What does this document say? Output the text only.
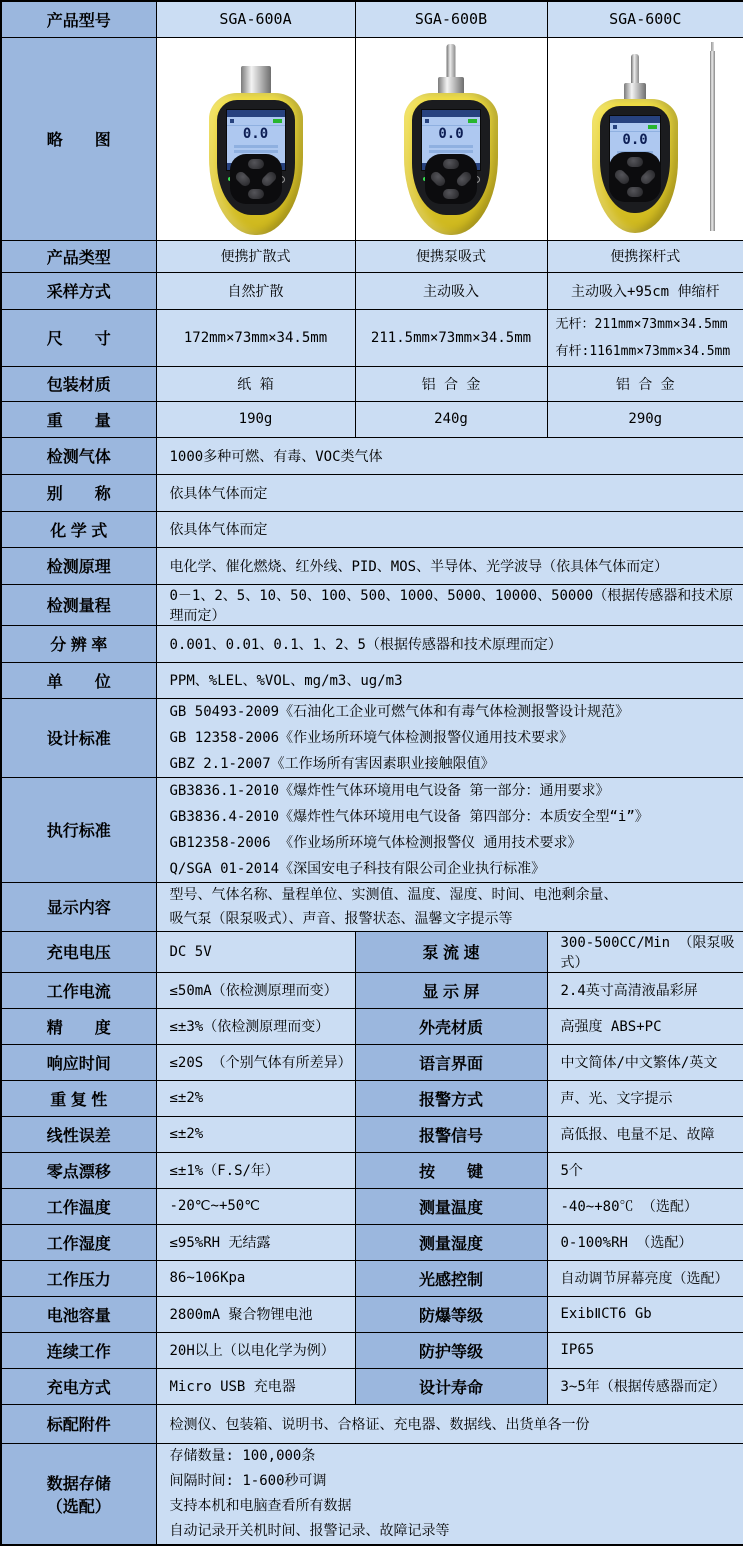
产品型号	SGA-600A	SGA-600B	SGA-600C
略　　图	0.0	0.0	0.0

产品类型	便携扩散式	便携泵吸式	便携探杆式
采样方式	自然扩散	主动吸入	主动吸入+95cm 伸缩杆
尺　　寸	172mm×73mm×34.5mm	211.5mm×73mm×34.5mm	无杆：211mm×73mm×34.5mm
有杆:1161mm×73mm×34.5mm

包装材质	纸 箱	铝 合 金	铝 合 金
重　　量	190g	240g	290g
检测气体	1000多种可燃、有毒、VOC类气体		
别　　称	依具体气体而定		
化 学 式	依具体气体而定		
检测原理	电化学、催化燃烧、红外线、PID、MOS、半导体、光学波导（依具体气体而定）		
检测量程	0－1、2、5、10、50、100、500、1000、5000、10000、50000（根据传感器和技术原理而定）		
分 辨 率	0.001、0.01、0.1、1、2、5（根据传感器和技术原理而定）		
单　　位	PPM、%LEL、%VOL、mg/m3、ug/m3		
设计标准	GB 50493-2009《石油化工企业可燃气体和有毒气体检测报警设计规范》
GB 12358-2006《作业场所环境气体检测报警仪通用技术要求》
GBZ 2.1-2007《工作场所有害因素职业接触限值》		

执行标准	GB3836.1-2010《爆炸性气体环境用电气设备 第一部分：通用要求》
GB3836.4-2010《爆炸性气体环境用电气设备 第四部分：本质安全型“i”》
GB12358-2006 《作业场所环境气体检测报警仪 通用技术要求》
Q/SGA 01-2014《深国安电子科技有限公司企业执行标准》		

显示内容	型号、气体名称、量程单位、实测值、温度、湿度、时间、电池剩余量、
吸气泵（限泵吸式）、声音、报警状态、温馨文字提示等		

充电电压	DC 5V	泵 流 速	300-500CC/Min （限泵吸式）
工作电流	≤50mA（依检测原理而变）	显 示 屏	2.4英寸高清液晶彩屏
精　　度	≤±3%（依检测原理而变）	外壳材质	高强度 ABS+PC
响应时间	≤20S （个别气体有所差异）	语言界面	中文简体/中文繁体/英文
重 复 性	≤±2%	报警方式	声、光、文字提示
线性误差	≤±2%	报警信号	高低报、电量不足、故障
零点漂移	≤±1%（F.S/年）	按　　键	5个
工作温度	-20℃~+50℃	测量温度	-40~+80℃ （选配）
工作湿度	≤95%RH 无结露	测量湿度	0-100%RH （选配）
工作压力	86~106Kpa	光感控制	自动调节屏幕亮度（选配）
电池容量	2800mA 聚合物锂电池	防爆等级	ExibⅡCT6 Gb
连续工作	20H以上（以电化学为例）	防护等级	IP65
充电方式	Micro USB 充电器	设计寿命	3~5年（根据传感器而定）
标配附件	检测仪、包装箱、说明书、合格证、充电器、数据线、出货单各一份		

数据存储
（选配）

存储数量: 100,000条
间隔时间: 1-600秒可调
支持本机和电脑查看所有数据
自动记录开关机时间、报警记录、故障记录等
